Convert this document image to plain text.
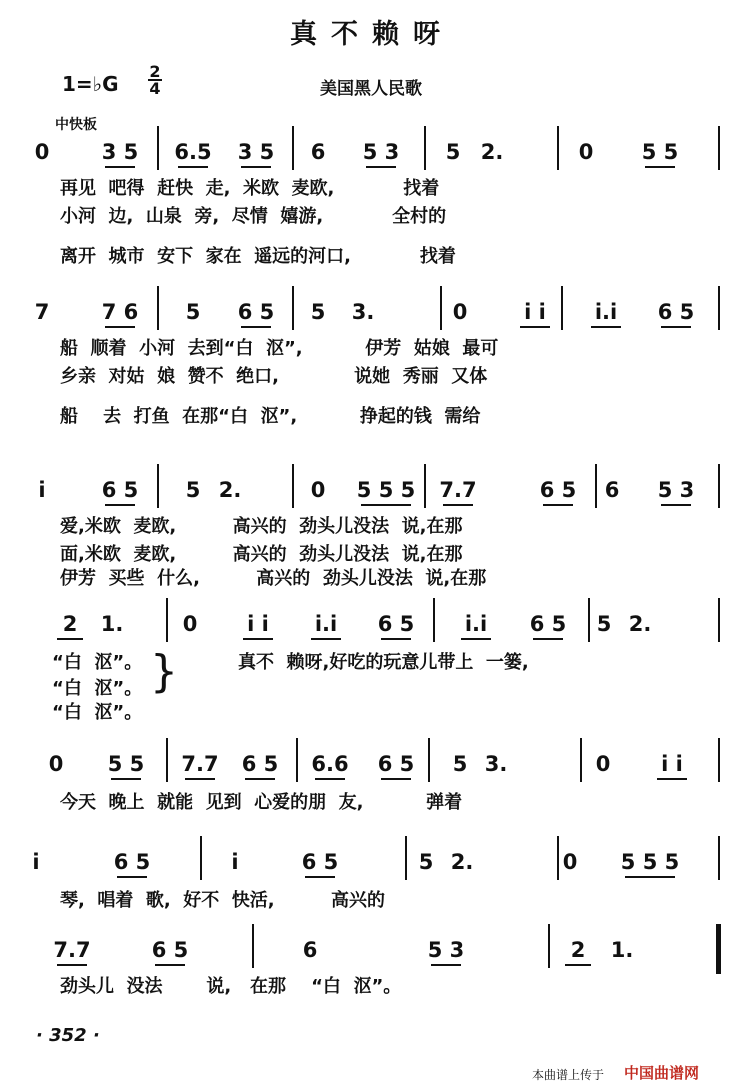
真不赖呀
1=♭G
2
4	美国黑人民歌
中快板
0 3 5 6.5 3 5 6 5 3 5 2.	0 5 5
再见  吧得  赶快  走,  米欧  麦欧,           找着
小河  边,  山泉  旁,  尽情  嬉游,           全村的
离开  城市  安下  家在  遥远的河口,           找着
7 7 6 5 6 5 5 3.	0	i i i.i 6 5
船  顺着  小河  去到“白  沤”,          伊芳  姑娘  最可
乡亲  对姑  娘  赞不  绝口,            说她  秀丽  又体
船    去  打鱼  在那“白  沤”,          挣起的钱  需给
i	6 5 5 2.	0 5 5 5 7.7	6 5 6 5 3
爱,米欧  麦欧,         高兴的  劲头儿没法  说,在那
面,米欧  麦欧,         高兴的  劲头儿没法  说,在那
伊芳  买些  什么,         高兴的  劲头儿没法  说,在那
2 1.	0 i i i.i 6 5 i.i 6 5 5 2.
“白  沤”。
“白  沤”。
“白  沤”。
}	真不  赖呀,好吃的玩意儿带上  一篓,
0 5 5 7.7 6 5 6.6 6 5 5 3.	0 i i
今天  晚上  就能  见到  心爱的朋  友,          弹着
i	6 5	i	6 5	5 2.	0 5 5 5
琴,  唱着  歌,  好不  快活,         高兴的
7.7	6 5	6	5 3	2 1.
劲头儿  没法       说,   在那    “白  沤”。
· 352 ·
本曲谱上传于 中国曲谱网
